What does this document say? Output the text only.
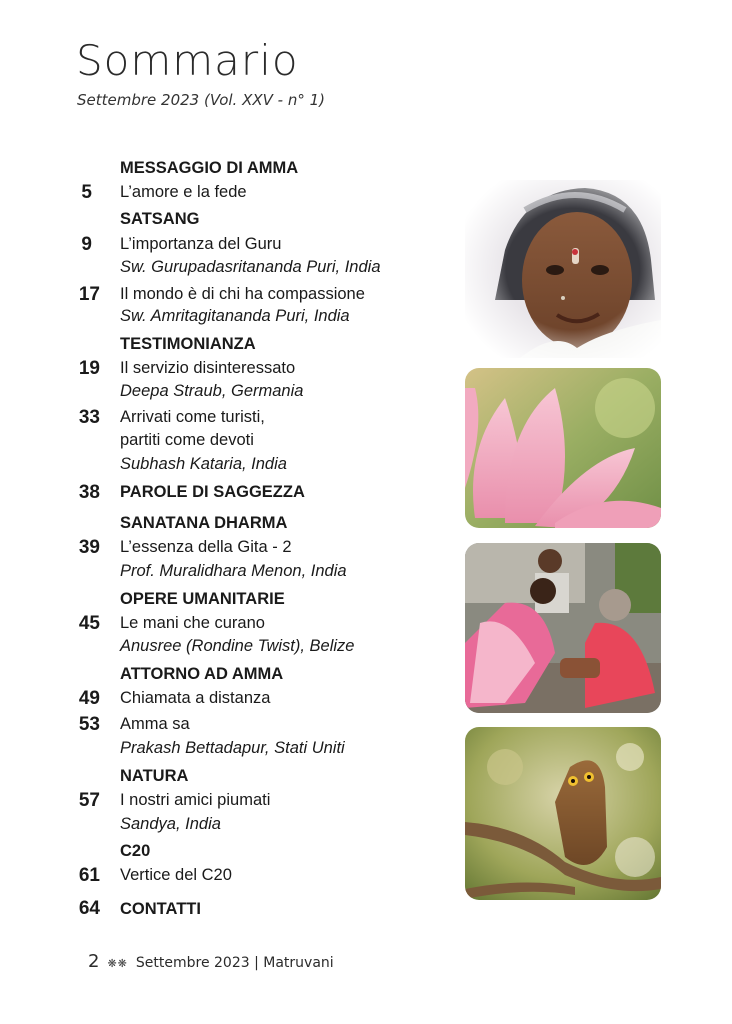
Sommario
Settembre 2023 (Vol. XXV - n° 1)
MESSAGGIO DI AMMA
5 L’amore e la fede
SATSANG
9 L’importanza del Guru
Sw. Gurupadasritananda Puri, India
17 Il mondo è di chi ha compassione
Sw. Amritagitananda Puri, India
TESTIMONIANZA
19 Il servizio disinteressato
Deepa Straub, Germania
33 Arrivati come turisti,
partiti come devoti
Subhash Kataria, India
38 PAROLE DI SAGGEZZA
SANATANA DHARMA
39 L’essenza della Gita - 2
Prof. Muralidhara Menon, India
OPERE UMANITARIE
45 Le mani che curano
Anusree (Rondine Twist), Belize
ATTORNO AD AMMA
49 Chiamata a distanza
53 Amma sa
Prakash Bettadapur, Stati Uniti
NATURA
57 I nostri amici piumati
Sandya, India
C20
61 Vertice del C20
64 CONTATTI
2 ❋❋ Settembre 2023 | Matruvani
